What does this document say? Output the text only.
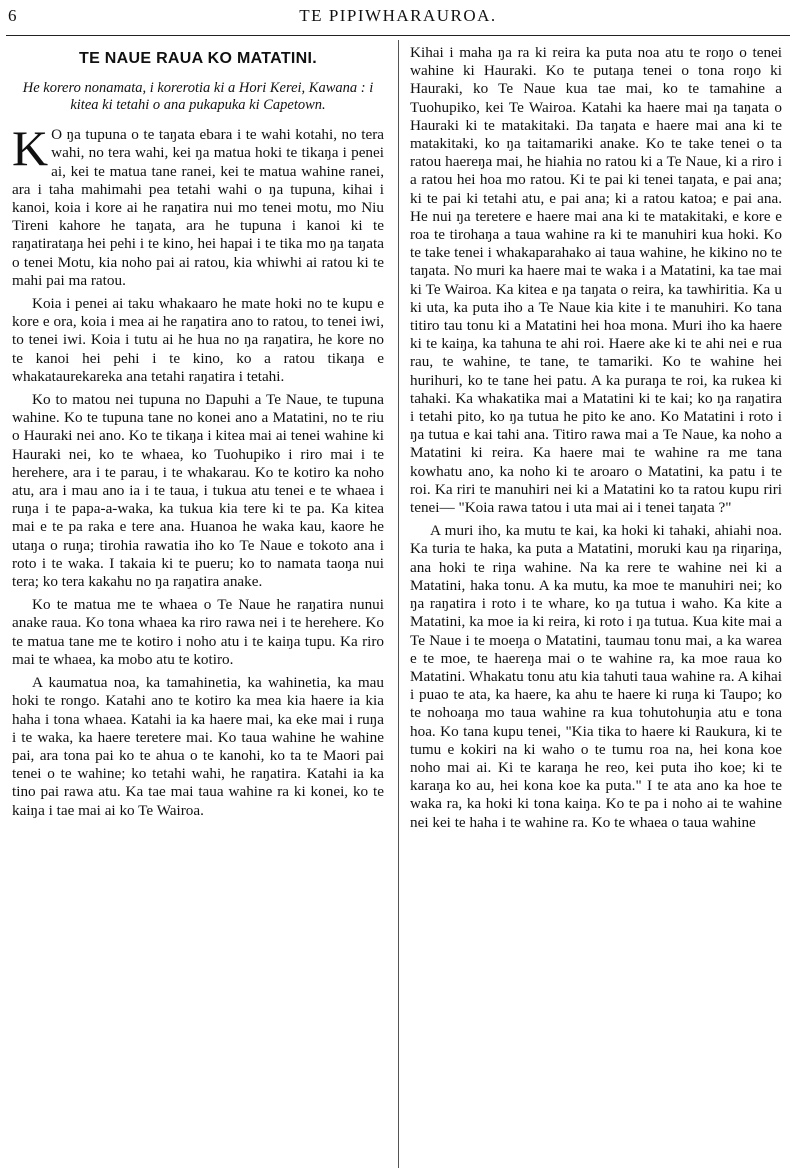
6	TE PIPIWHARAUROA.
TE NAUE RAUA KO MATATINI.
He korero nonamata, i korerotia ki a Hori Kerei, Kawana : i kitea ki tetahi o ana pukapuka ki Capetown.

K O ŋa tupuna o te taŋata ebara i te wahi kotahi, no tera wahi, no tera wahi, kei ŋa matua hoki te tikaŋa i penei ai, kei te matua tane ranei, kei te matua wahine ranei, ara i taha mahimahi pea tetahi wahi o ŋa tupuna, kihai i kanoi, koia i kore ai he raŋatira nui mo tenei motu, mo Niu Tireni kahore he taŋata, ara he tupuna i kanoi ki te raŋatirataŋa hei pehi i te kino, hei hapai i te tika mo ŋa taŋata o tenei Motu, kia noho pai ai ratou, kia whiwhi ai ratou ki te mahi pai ma ratou.

Koia i penei ai taku whakaaro he mate hoki no te kupu e kore e ora, koia i mea ai he raŋatira ano to ratou, to tenei iwi, to tenei iwi. Koia i tutu ai he hua no ŋa raŋatira, he kore no te kanoi hei pehi i te kino, ko a ratou tikaŋa e whakataurekareka ana tetahi raŋatira i tetahi.

Ko to matou nei tupuna no Ŋapuhi a Te Naue, te tupuna wahine. Ko te tupuna tane no konei ano a Matatini, no te riu o Hauraki nei ano. Ko te tikaŋa i kitea mai ai tenei wahine ki Hauraki nei, ko te whaea, ko Tuohupiko i riro mai i te herehere, ara i te parau, i te whakarau. Ko te kotiro ka noho atu, ara i mau ano ia i te taua, i tukua atu tenei e te whaea i ruŋa i te papa-a-waka, ka tukua kia tere ki te pa. Ka kitea mai e te pa raka e tere ana. Huanoa he waka kau, kaore he utaŋa o ruŋa; tirohia rawatia iho ko Te Naue e tokoto ana i roto i te waka. I takaia ki te pueru; ko to namata taoŋa nui tera; ko tera kakahu no ŋa raŋatira anake.

Ko te matua me te whaea o Te Naue he raŋatira nunui anake raua. Ko tona whaea ka riro rawa nei i te herehere. Ko te matua tane me te kotiro i noho atu i te kaiŋa tupu. Ka riro mai te whaea, ka mobo atu te kotiro.

A kaumatua noa, ka tamahinetia, ka wahinetia, ka mau hoki te rongo. Katahi ano te kotiro ka mea kia haere ia kia haha i tona whaea. Katahi ia ka haere mai, ka eke mai i ruŋa i te waka, ka haere teretere mai. Ko taua wahine he wahine pai, ara tona pai ko te ahua o te kanohi, ko ta te Maori pai tenei o te wahine; ko tetahi wahi, he raŋatira. Katahi ia ka tino pai rawa atu. Ka tae mai taua wahine ra ki konei, ko te kaiŋa i tae mai ai ko Te Wairoa.

Kihai i maha ŋa ra ki reira ka puta noa atu te roŋo o tenei wahine ki Hauraki. Ko te putaŋa tenei o tona roŋo ki Hauraki, ko Te Naue kua tae mai, ko te tamahine a Tuohupiko, kei Te Wairoa. Katahi ka haere mai ŋa taŋata o Hauraki ki te matakitaki. Ŋa taŋata e haere mai ana ki te matakitaki, ko ŋa taitamariki anake. Ko te take tenei o ta ratou haereŋa mai, he hiahia no ratou ki a Te Naue, ki a riro i a ratou hei hoa mo ratou. Ki te pai ki tenei taŋata, e pai ana; ki te pai ki tetahi atu, e pai ana; ki a ratou katoa; e pai ana. He nui ŋa teretere e haere mai ana ki te matakitaki, e kore e roa te tirohaŋa a taua wahine ra ki te manuhiri kua hoki. Ko te take tenei i whakaparahako ai taua wahine, he kikino no te taŋata. No muri ka haere mai te waka i a Matatini, ka tae mai ki Te Wairoa. Ka kitea e ŋa taŋata o reira, ka tawhiritia. Ka u ki uta, ka puta iho a Te Naue kia kite i te manuhiri. Ko tana titiro tau tonu ki a Matatini hei hoa mona. Muri iho ka haere ki te kaiŋa, ka tahuna te ahi roi. Haere ake ki te ahi nei e rua rau, te wahine, te tane, te tamariki. Ko te wahine hei hurihuri, ko te tane hei patu. A ka puraŋa te roi, ka rukea ki tahaki. Ka whakatika mai a Matatini ki te kai; ko ŋa raŋatira i tetahi pito, ko ŋa tutua he pito ke ano. Ko Matatini i roto i ŋa tutua e kai tahi ana. Titiro rawa mai a Te Naue, ka noho a Matatini ki reira. Ka haere mai te wahine ra me tana kowhatu ano, ka noho ki te aroaro o Matatini, ka patu i te roi. Ka riri te manuhiri nei ki a Matatini ko ta ratou kupu riri tenei— "Koia rawa tatou i uta mai ai i tenei taŋata ?"

A muri iho, ka mutu te kai, ka hoki ki tahaki, ahiahi noa. Ka turia te haka, ka puta a Matatini, moruki kau ŋa riŋariŋa, ana hoki te riŋa wahine. Na ka rere te wahine nei ki a Matatini, haka tonu. A ka mutu, ka moe te manuhiri nei; ko ŋa raŋatira i roto i te whare, ko ŋa tutua i waho. Ka kite a Matatini, ka moe ia ki reira, ki roto i ŋa tutua. Kua kite mai a Te Naue i te moeŋa o Matatini, taumau tonu mai, a ka warea e te moe, te haereŋa mai o te wahine ra, ka moe raua ko Matatini. Whakatu tonu atu kia tahuti taua wahine ra. A kihai i puao te ata, ka haere, ka ahu te haere ki ruŋa ki Taupo; ko te nohoaŋa mo taua wahine ra kua tohutohuŋia atu e tona hoa. Ko tana kupu tenei, "Kia tika to haere ki Raukura, ki te tumu e kokiri na ki waho o te tumu roa na, hei kona koe noho mai ai. Ki te karaŋa he reo, kei puta iho koe; ki te karaŋa ko au, hei kona koe ka puta." I te ata ano ka hoe te waka ra, ka hoki ki tona kaiŋa. Ko te pa i noho ai te wahine nei kei te haha i te wahine ra. Ko te whaea o taua wahine
